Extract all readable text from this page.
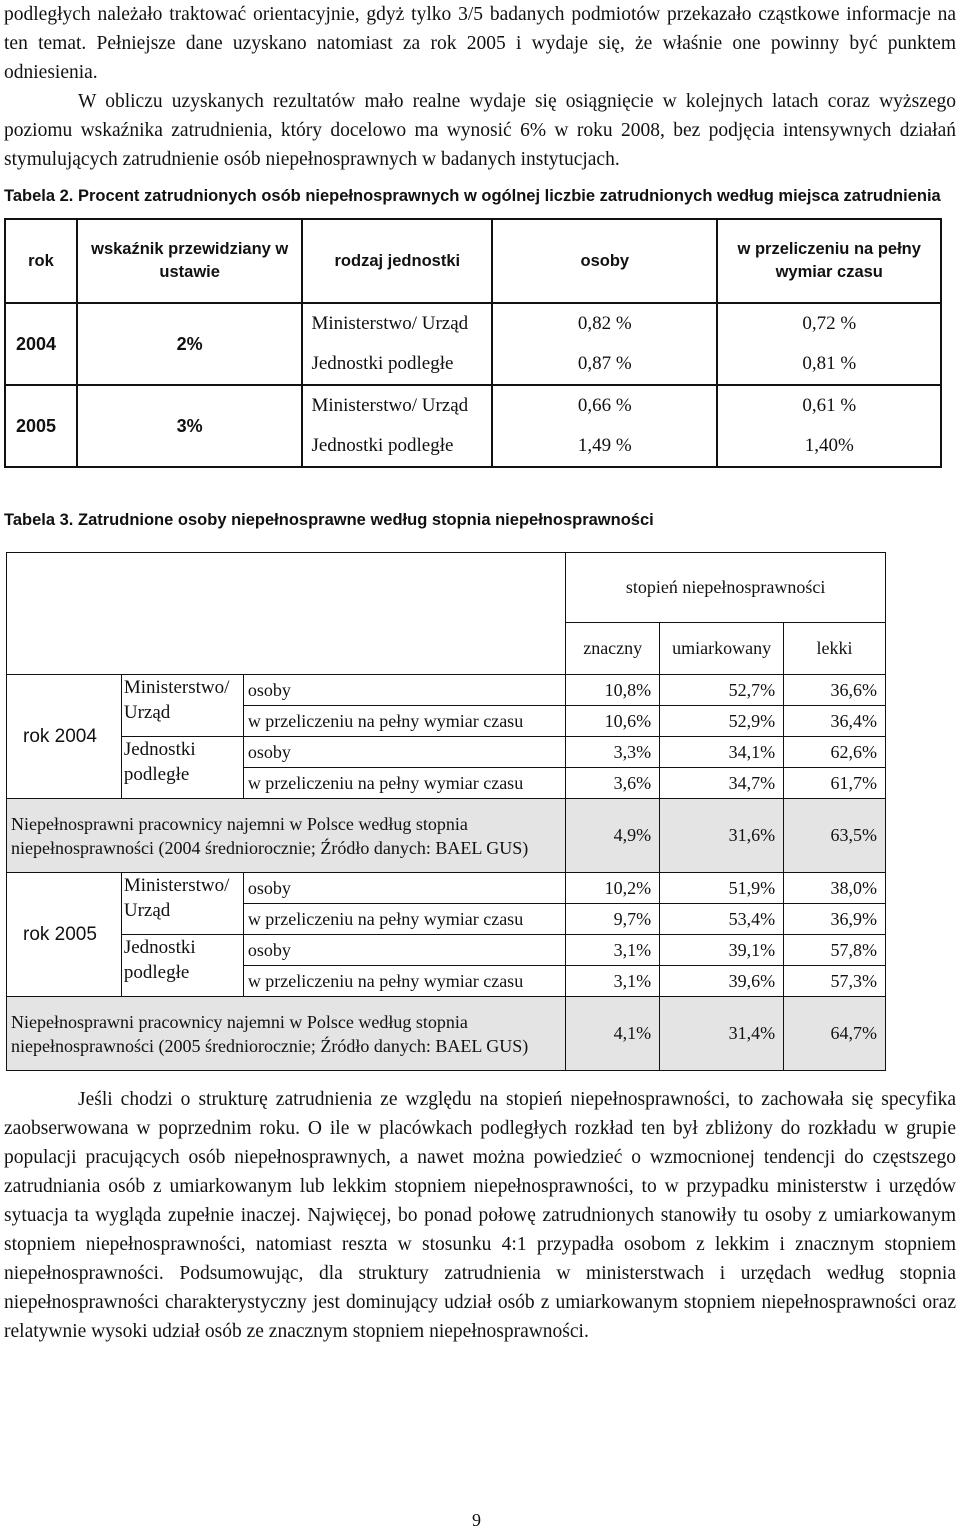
podległych należało traktować orientacyjnie, gdyż tylko 3/5 badanych podmiotów przekazało cząstkowe informacje na ten temat. Pełniejsze dane uzyskano natomiast za rok 2005 i wydaje się, że właśnie one powinny być punktem odniesienia.

W obliczu uzyskanych rezultatów mało realne wydaje się osiągnięcie w kolejnych latach coraz wyższego poziomu wskaźnika zatrudnienia, który docelowo ma wynosić 6% w roku 2008, bez podjęcia intensywnych działań stymulujących zatrudnienie osób niepełnosprawnych w badanych instytucjach.

Tabela 2. Procent zatrudnionych osób niepełnosprawnych w ogólnej liczbie zatrudnionych według miejsca zatrudnienia

rok	wskaźnik przewidziany w ustawie	rodzaj jednostki	osoby	w przeliczeniu na pełny wymiar czasu
2004	2%	Ministerstwo/ Urząd	0,82 %	0,72 %
		Jednostki podległe	0,87 %	0,81 %
2005	3%	Ministerstwo/ Urząd	0,66 %	0,61 %
		Jednostki podległe	1,49 %	1,40%

Tabela 3. Zatrudnione osoby niepełnosprawne według stopnia niepełnosprawności

			stopień niepełnosprawności		
			znaczny	umiarkowany	lekki
rok 2004	Ministerstwo/ Urząd	osoby	10,8%	52,7%	36,6%
		w przeliczeniu na pełny wymiar czasu	10,6%	52,9%	36,4%
	Jednostki podległe	osoby	3,3%	34,1%	62,6%
		w przeliczeniu na pełny wymiar czasu	3,6%	34,7%	61,7%
Niepełnosprawni pracownicy najemni w Polsce według stopnia niepełnosprawności (2004 średniorocznie; Źródło danych: BAEL GUS)			4,9%	31,6%	63,5%
rok 2005	Ministerstwo/ Urząd	osoby	10,2%	51,9%	38,0%
		w przeliczeniu na pełny wymiar czasu	9,7%	53,4%	36,9%
	Jednostki podległe	osoby	3,1%	39,1%	57,8%
		w przeliczeniu na pełny wymiar czasu	3,1%	39,6%	57,3%
Niepełnosprawni pracownicy najemni w Polsce według stopnia niepełnosprawności (2005 średniorocznie; Źródło danych: BAEL GUS)			4,1%	31,4%	64,7%

Jeśli chodzi o strukturę zatrudnienia ze względu na stopień niepełnosprawności, to zachowała się specyfika zaobserwowana w poprzednim roku. O ile w placówkach podległych rozkład ten był zbliżony do rozkładu w grupie populacji pracujących osób niepełnosprawnych, a nawet można powiedzieć o wzmocnionej tendencji do częstszego zatrudniania osób z umiarkowanym lub lekkim stopniem niepełnosprawności, to w przypadku ministerstw i urzędów sytuacja ta wygląda zupełnie inaczej. Najwięcej, bo ponad połowę zatrudnionych stanowiły tu osoby z umiarkowanym stopniem niepełnosprawności, natomiast reszta w stosunku 4:1 przypadła osobom z lekkim i znacznym stopniem niepełnosprawności. Podsumowując, dla struktury zatrudnienia w ministerstwach i urzędach według stopnia niepełnosprawności charakterystyczny jest dominujący udział osób z umiarkowanym stopniem niepełnosprawności oraz relatywnie wysoki udział osób ze znacznym stopniem niepełnosprawności.

9
